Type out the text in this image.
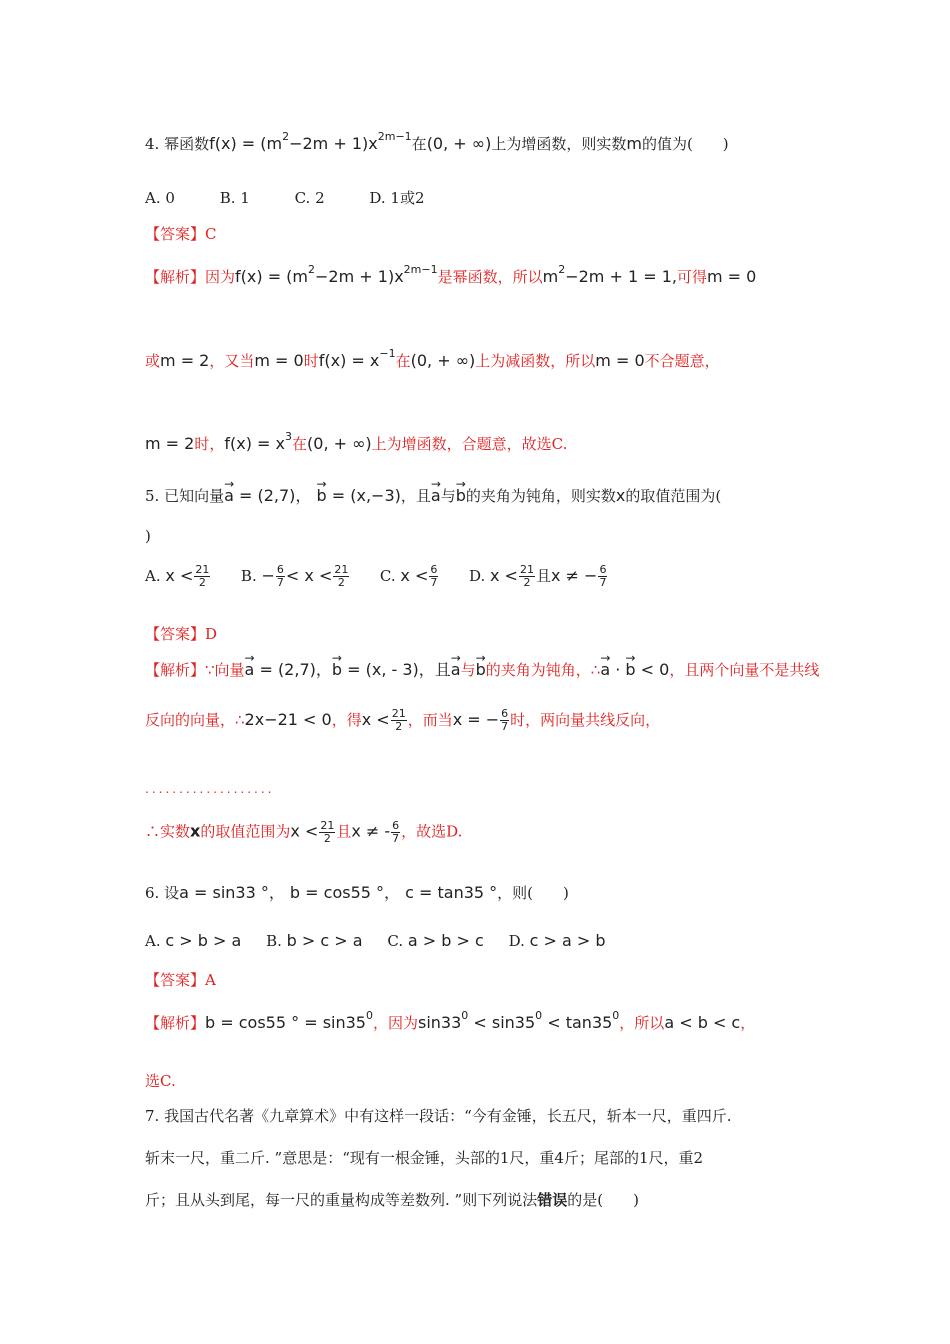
4. 幂函数$f(x) = (m^2-2m + 1)x^{2m-1}$在(0, + ∞)上为增函数，则实数m的值为(　　)
A. 0	B. 1	C. 2	D. 1或2
【答案】C
【解析】因为$f(x) = (m^2-2m + 1)x^{2m-1}$是幂函数，所以$m^2-2m + 1 = 1$,可得m = 0
或m = 2，又当m = 0时$f(x) = x^{-1}$在(0, + ∞)上为减函数，所以m = 0不合题意，
m = 2时，$f(x) = x^3$在(0, + ∞)上为增函数，合题意，故选C.
5. 已知向量→ a = (2,7)， → b = (x,−3)，且→ a与→ b的夹角为钝角，则实数x的取值范围为(
)
A. $x < \frac{21}{2} B$. − $\frac{6}{7} < x < \frac{21}{2} C$. $x < \frac{6}{7} D$. $x < \frac{21}{2}$ 且x ≠ − $\frac{6}{7}$
【答案】D
【解析】∵向量→ a = (2,7)，→ b = (x, - 3)，且→ a与→ b的夹角为钝角，∴→ a · → b < 0，且两个向量不是共线
反向的向量，∴2x−21 < 0，得$x < \frac{21}{2}$ ，而当x = − $\frac{6}{7}$ 时，两向量共线反向，
...................
∴实数x的取值范围为$x < \frac{21}{2}$ 且x ≠ - $\frac{6}{7}$ ，故选D.
6. 设a = sin33 °， b = cos55 °， c = tan35 °，则(　　)
A. c > b > a B. b > c > a C. a > b > c D. c > a > b
【答案】A
【解析】b = cos55 ° = $\sin 35^0$，因为$\sin 33^0 < \sin 35^0 < \tan 35^0$，所以a < b < c，
选C.
7. 我国古代名著《九章算术》中有这样一段话：“今有金锤，长五尺，斩本一尺，重四斤.
斩末一尺，重二斤. ”意思是：“现有一根金锤，头部的1尺，重4斤；尾部的1尺，重2
斤；且从头到尾，每一尺的重量构成等差数列. ”则下列说法错误的是(　　)
